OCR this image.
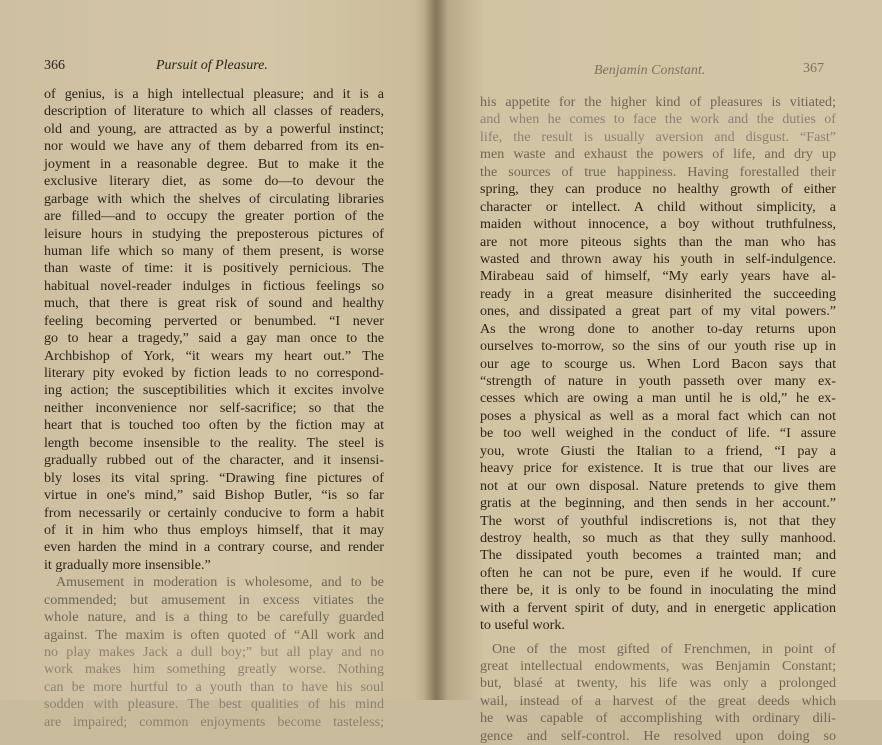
366	Pursuit of Pleasure.
of genius, is a high intellectual pleasure; and it is a
description of literature to which all classes of readers,
old and young, are attracted as by a powerful instinct;
nor would we have any of them debarred from its en-
joyment in a reasonable degree. But to make it the
exclusive literary diet, as some do—to devour the
garbage with which the shelves of circulating libraries
are filled—and to occupy the greater portion of the
leisure hours in studying the preposterous pictures of
human life which so many of them present, is worse
than waste of time: it is positively pernicious. The
habitual novel-reader indulges in fictious feelings so
much, that there is great risk of sound and healthy
feeling becoming perverted or benumbed. “I never
go to hear a tragedy,” said a gay man once to the
Archbishop of York, “it wears my heart out.” The
literary pity evoked by fiction leads to no correspond-
ing action; the susceptibilities which it excites involve
neither inconvenience nor self-sacrifice; so that the
heart that is touched too often by the fiction may at
length become insensible to the reality. The steel is
gradually rubbed out of the character, and it insensi-
bly loses its vital spring. “Drawing fine pictures of
virtue in one's mind,” said Bishop Butler, “is so far
from necessarily or certainly conducive to form a habit
of it in him who thus employs himself, that it may
even harden the mind in a contrary course, and render
it gradually more insensible.”
Amusement in moderation is wholesome, and to be
commended; but amusement in excess vitiates the
whole nature, and is a thing to be carefully guarded
against. The maxim is often quoted of “All work and
no play makes Jack a dull boy;” but all play and no
work makes him something greatly worse. Nothing
can be more hurtful to a youth than to have his soul
sodden with pleasure. The best qualities of his mind
are impaired; common enjoyments become tasteless;
Benjamin Constant.	367
his appetite for the higher kind of pleasures is vitiated;
and when he comes to face the work and the duties of
life, the result is usually aversion and disgust. “Fast”
men waste and exhaust the powers of life, and dry up
the sources of true happiness. Having forestalled their
spring, they can produce no healthy growth of either
character or intellect. A child without simplicity, a
maiden without innocence, a boy without truthfulness,
are not more piteous sights than the man who has
wasted and thrown away his youth in self-indulgence.
Mirabeau said of himself, “My early years have al-
ready in a great measure disinherited the succeeding
ones, and dissipated a great part of my vital powers.”
As the wrong done to another to-day returns upon
ourselves to-morrow, so the sins of our youth rise up in
our age to scourge us. When Lord Bacon says that
“strength of nature in youth passeth over many ex-
cesses which are owing a man until he is old,” he ex-
poses a physical as well as a moral fact which can not
be too well weighed in the conduct of life. “I assure
you, wrote Giusti the Italian to a friend, “I pay a
heavy price for existence. It is true that our lives are
not at our own disposal. Nature pretends to give them
gratis at the beginning, and then sends in her account.”
The worst of youthful indiscretions is, not that they
destroy health, so much as that they sully manhood.
The dissipated youth becomes a trainted man; and
often he can not be pure, even if he would. If cure
there be, it is only to be found in inoculating the mind
with a fervent spirit of duty, and in energetic application
to useful work.
One of the most gifted of Frenchmen, in point of
great intellectual endowments, was Benjamin Constant;
but, blasé at twenty, his life was only a prolonged
wail, instead of a harvest of the great deeds which
he was capable of accomplishing with ordinary dili-
gence and self-control. He resolved upon doing so
